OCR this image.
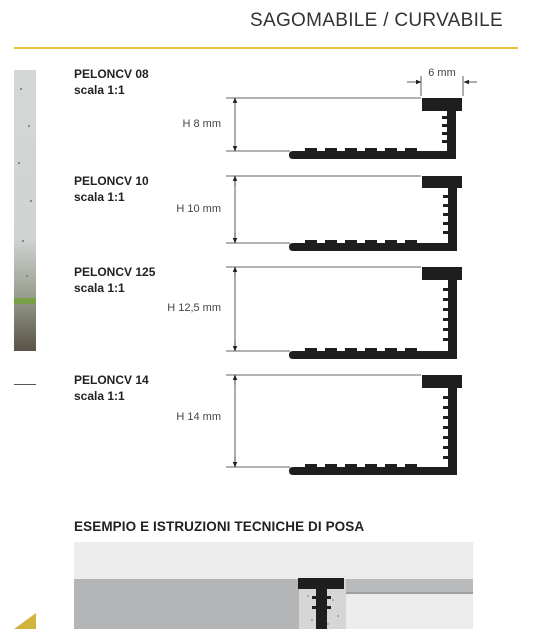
SAGOMABILE / CURVABILE
PELONCV 08
scala 1:1
PELONCV 10
scala 1:1
PELONCV 125
scala 1:1
PELONCV 14
scala 1:1
H 8 mm
H 10 mm
H 12,5 mm
H 14 mm
6 mm
ESEMPIO E ISTRUZIONI TECNICHE DI POSA
